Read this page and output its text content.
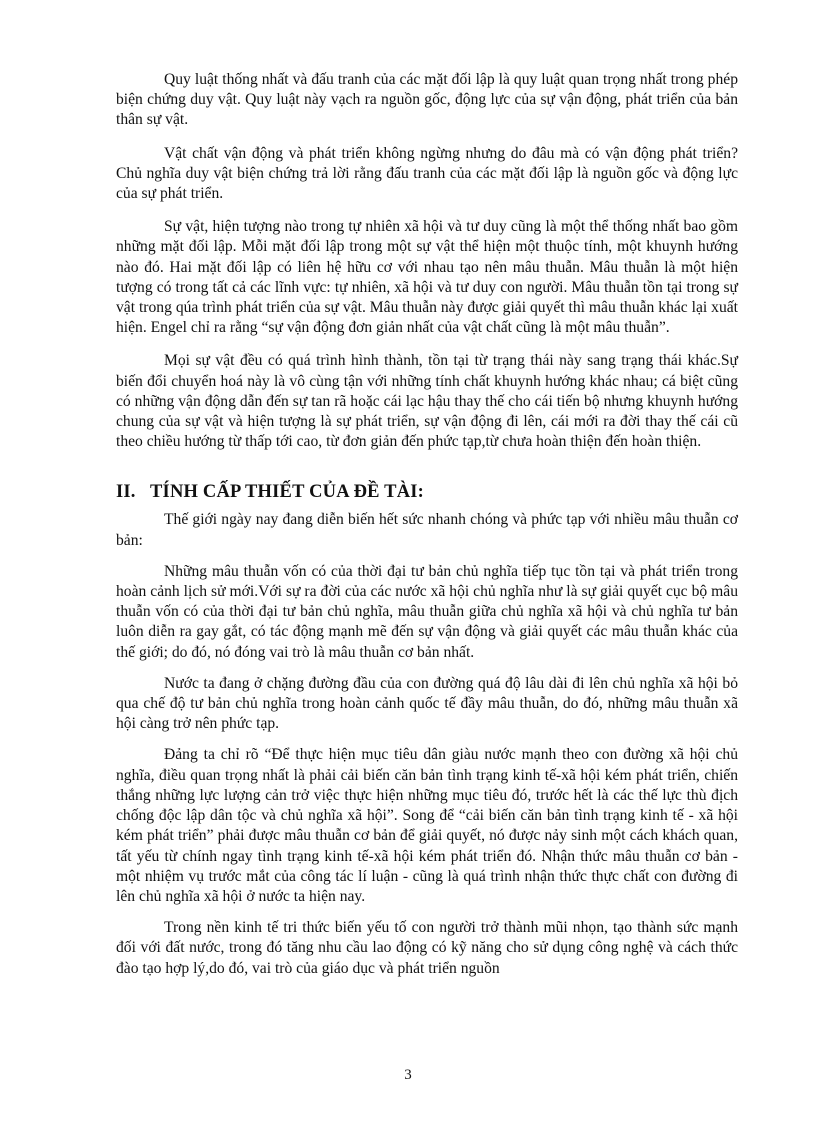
Quy luật thống nhất và đấu tranh của các mặt đối lập là quy luật quan trọng nhất trong phép biện chứng duy vật. Quy luật này vạch ra nguồn gốc, động lực của sự vận động, phát triển của bản thân sự vật.

Vật chất vận động và phát triển không ngừng nhưng do đâu mà có vận động phát triển? Chủ nghĩa duy vật biện chứng trả lời rằng đấu tranh của các mặt đối lập là nguồn gốc và động lực của sự phát triển.

Sự vật, hiện tượng nào trong tự nhiên xã hội và tư duy cũng là một thể thống nhất bao gồm những mặt đối lập. Mỗi mặt đối lập trong một sự vật thể hiện một thuộc tính, một khuynh hướng nào đó. Hai mặt đối lập có liên hệ hữu cơ với nhau tạo nên mâu thuẫn. Mâu thuẫn là một hiện tượng có trong tất cả các lĩnh vực: tự nhiên, xã hội và tư duy con người. Mâu thuẫn tồn tại trong sự vật trong qúa trình phát triển của sự vật. Mâu thuẫn này được giải quyết thì mâu thuẫn khác lại xuất hiện. Engel chỉ ra rằng “sự vận động đơn giản nhất của vật chất cũng là một mâu thuẫn”.

Mọi sự vật đều có quá trình hình thành, tồn tại từ trạng thái này sang trạng thái khác.Sự biến đổi chuyển hoá này là vô cùng tận với những tính chất khuynh hướng khác nhau; cá biệt cũng có những vận động dẫn đến sự tan rã hoặc cái lạc hậu thay thế cho cái tiến bộ nhưng khuynh hướng chung của sự vật và hiện tượng là sự phát triển, sự vận động đi lên, cái mới ra đời thay thế cái cũ theo chiều hướng từ thấp tới cao, từ đơn giản đến phức tạp,từ chưa hoàn thiện đến hoàn thiện.

II. TÍNH CẤP THIẾT CỦA ĐỀ TÀI:

Thế giới ngày nay đang diễn biến hết sức nhanh chóng và phức tạp với nhiều mâu thuẫn cơ bản:

Những mâu thuẫn vốn có của thời đại tư bản chủ nghĩa tiếp tục tồn tại và phát triển trong hoàn cảnh lịch sử mới.Với sự ra đời của các nước xã hội chủ nghĩa như là sự giải quyết cục bộ mâu thuẫn vốn có của thời đại tư bản chủ nghĩa, mâu thuẫn giữa chủ nghĩa xã hội và chủ nghĩa tư bản luôn diễn ra gay gắt, có tác động mạnh mẽ đến sự vận động và giải quyết các mâu thuẫn khác của thế giới; do đó, nó đóng vai trò là mâu thuẫn cơ bản nhất.

Nước ta đang ở chặng đường đầu của con đường quá độ lâu dài đi lên chủ nghĩa xã hội bỏ qua chế độ tư bản chủ nghĩa trong hoàn cảnh quốc tế đầy mâu thuẫn, do đó, những mâu thuẫn xã hội càng trở nên phức tạp.

Đảng ta chỉ rõ “Để thực hiện mục tiêu dân giàu nước mạnh theo con đường xã hội chủ nghĩa, điều quan trọng nhất là phải cải biến căn bản tình trạng kinh tế-xã hội kém phát triển, chiến thắng những lực lượng cản trở việc thực hiện những mục tiêu đó, trước hết là các thế lực thù địch chống độc lập dân tộc và chủ nghĩa xã hội”. Song để “cải biến căn bản tình trạng kinh tế - xã hội kém phát triển” phải được mâu thuẫn cơ bản để giải quyết, nó được nảy sinh một cách khách quan, tất yếu từ chính ngay tình trạng kinh tế-xã hội kém phát triển đó. Nhận thức mâu thuẫn cơ bản - một nhiệm vụ trước mắt của công tác lí luận - cũng là quá trình nhận thức thực chất con đường đi lên chủ nghĩa xã hội ở nước ta hiện nay.

Trong nền kinh tế tri thức biến yếu tố con người trở thành mũi nhọn, tạo thành sức mạnh đối với đất nước, trong đó tăng nhu cầu lao động có kỹ năng cho sử dụng công nghệ và cách thức đào tạo hợp lý,do đó, vai trò của giáo dục và phát triển nguồn

3
